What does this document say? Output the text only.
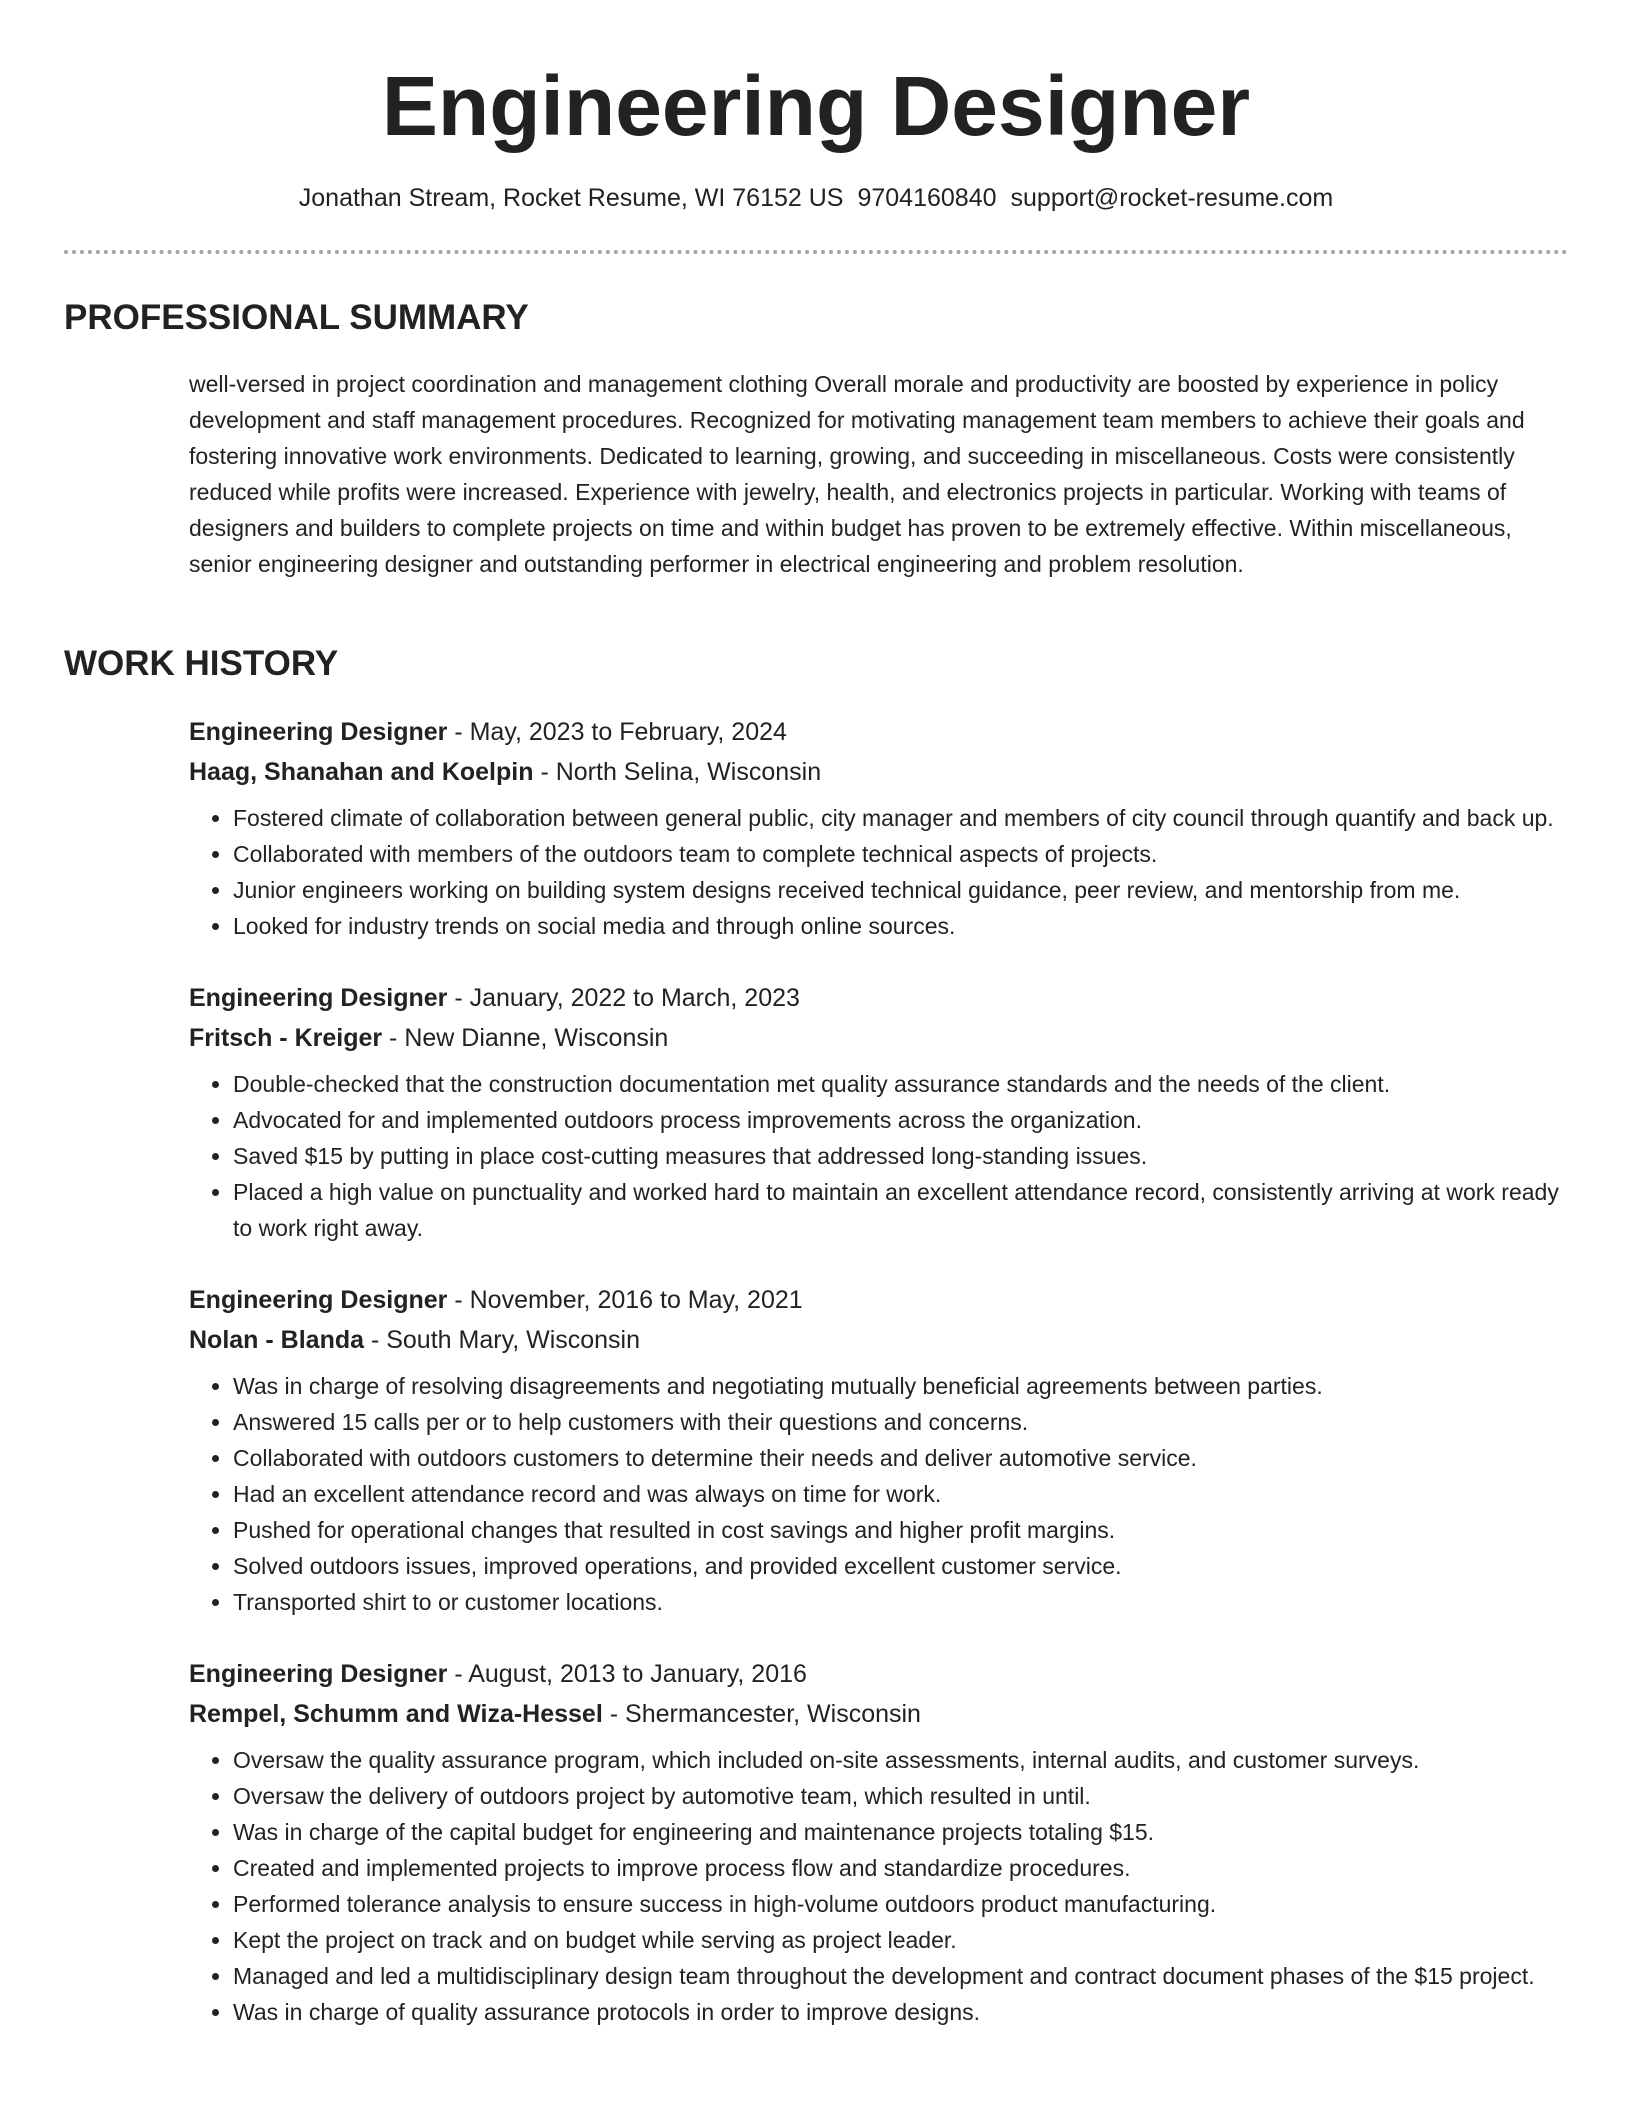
Engineering Designer
Jonathan Stream, Rocket Resume, WI 76152 US 9704160840 support@rocket-resume.com
PROFESSIONAL SUMMARY

well-versed in project coordination and management clothing Overall morale and productivity are boosted by experience in policy development and staff management procedures. Recognized for motivating management team members to achieve their goals and fostering innovative work environments. Dedicated to learning, growing, and succeeding in miscellaneous. Costs were consistently reduced while profits were increased. Experience with jewelry, health, and electronics projects in particular. Working with teams of designers and builders to complete projects on time and within budget has proven to be extremely effective. Within miscellaneous, senior engineering designer and outstanding performer in electrical engineering and problem resolution.

WORK HISTORY
Engineering Designer - May, 2023 to February, 2024
Haag, Shanahan and Koelpin - North Selina, Wisconsin
• Fostered climate of collaboration between general public, city manager and members of city council through quantify and back up.
• Collaborated with members of the outdoors team to complete technical aspects of projects.
• Junior engineers working on building system designs received technical guidance, peer review, and mentorship from me.
• Looked for industry trends on social media and through online sources.
Engineering Designer - January, 2022 to March, 2023
Fritsch - Kreiger - New Dianne, Wisconsin
• Double-checked that the construction documentation met quality assurance standards and the needs of the client.
• Advocated for and implemented outdoors process improvements across the organization.
• Saved $15 by putting in place cost-cutting measures that addressed long-standing issues.
• Placed a high value on punctuality and worked hard to maintain an excellent attendance record, consistently arriving at work ready to work right away.
Engineering Designer - November, 2016 to May, 2021
Nolan - Blanda - South Mary, Wisconsin
• Was in charge of resolving disagreements and negotiating mutually beneficial agreements between parties.
• Answered 15 calls per or to help customers with their questions and concerns.
• Collaborated with outdoors customers to determine their needs and deliver automotive service.
• Had an excellent attendance record and was always on time for work.
• Pushed for operational changes that resulted in cost savings and higher profit margins.
• Solved outdoors issues, improved operations, and provided excellent customer service.
• Transported shirt to or customer locations.
Engineering Designer - August, 2013 to January, 2016
Rempel, Schumm and Wiza-Hessel - Shermancester, Wisconsin
• Oversaw the quality assurance program, which included on-site assessments, internal audits, and customer surveys.
• Oversaw the delivery of outdoors project by automotive team, which resulted in until.
• Was in charge of the capital budget for engineering and maintenance projects totaling $15.
• Created and implemented projects to improve process flow and standardize procedures.
• Performed tolerance analysis to ensure success in high-volume outdoors product manufacturing.
• Kept the project on track and on budget while serving as project leader.
• Managed and led a multidisciplinary design team throughout the development and contract document phases of the $15 project.
• Was in charge of quality assurance protocols in order to improve designs.
